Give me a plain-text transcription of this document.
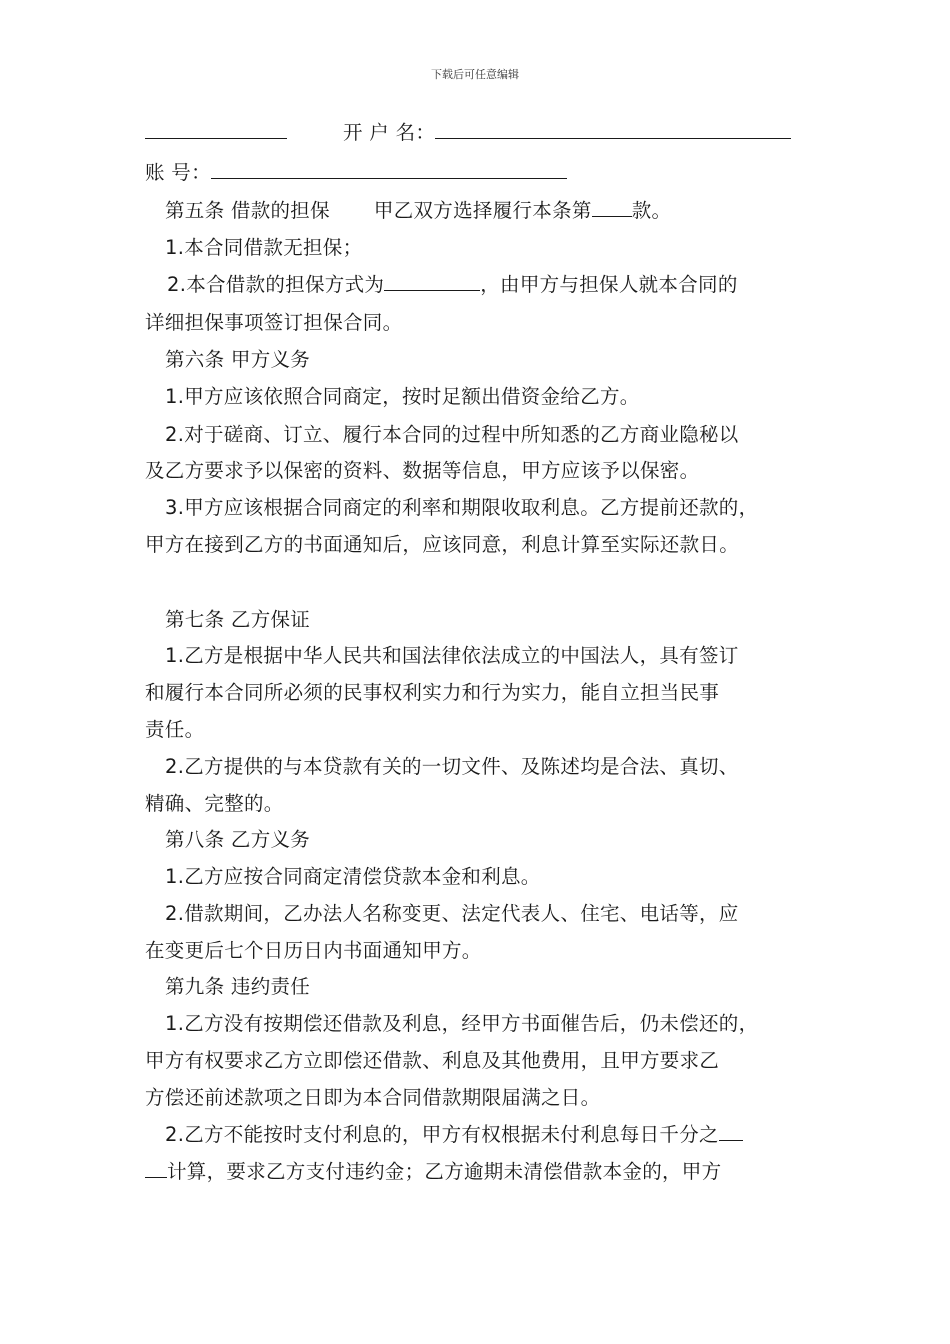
下载后可任意编辑
开 户 名：
账 号：
第五条 借款的担保 甲乙双方选择履行本条第 款。
1.本合同借款无担保；
2.本合借款的担保方式为	，由甲方与担保人就本合同的
详细担保事项签订担保合同。
第六条 甲方义务
1.甲方应该依照合同商定，按时足额出借资金给乙方。
2.对于磋商、订立、履行本合同的过程中所知悉的乙方商业隐秘以
及乙方要求予以保密的资料、数据等信息，甲方应该予以保密。
3.甲方应该根据合同商定的利率和期限收取利息。乙方提前还款的，
甲方在接到乙方的书面通知后，应该同意，利息计算至实际还款日。
第七条 乙方保证
1.乙方是根据中华人民共和国法律依法成立的中国法人，具有签订
和履行本合同所必须的民事权利实力和行为实力，能自立担当民事
责任。
2.乙方提供的与本贷款有关的一切文件、及陈述均是合法、真切、
精确、完整的。
第八条 乙方义务
1.乙方应按合同商定清偿贷款本金和利息。
2.借款期间，乙办法人名称变更、法定代表人、住宅、电话等，应
在变更后七个日历日内书面通知甲方。
第九条 违约责任
1.乙方没有按期偿还借款及利息，经甲方书面催告后，仍未偿还的，
甲方有权要求乙方立即偿还借款、利息及其他费用，且甲方要求乙
方偿还前述款项之日即为本合同借款期限届满之日。
2.乙方不能按时支付利息的，甲方有权根据未付利息每日千分之
计算，要求乙方支付违约金；乙方逾期未清偿借款本金的，甲方
